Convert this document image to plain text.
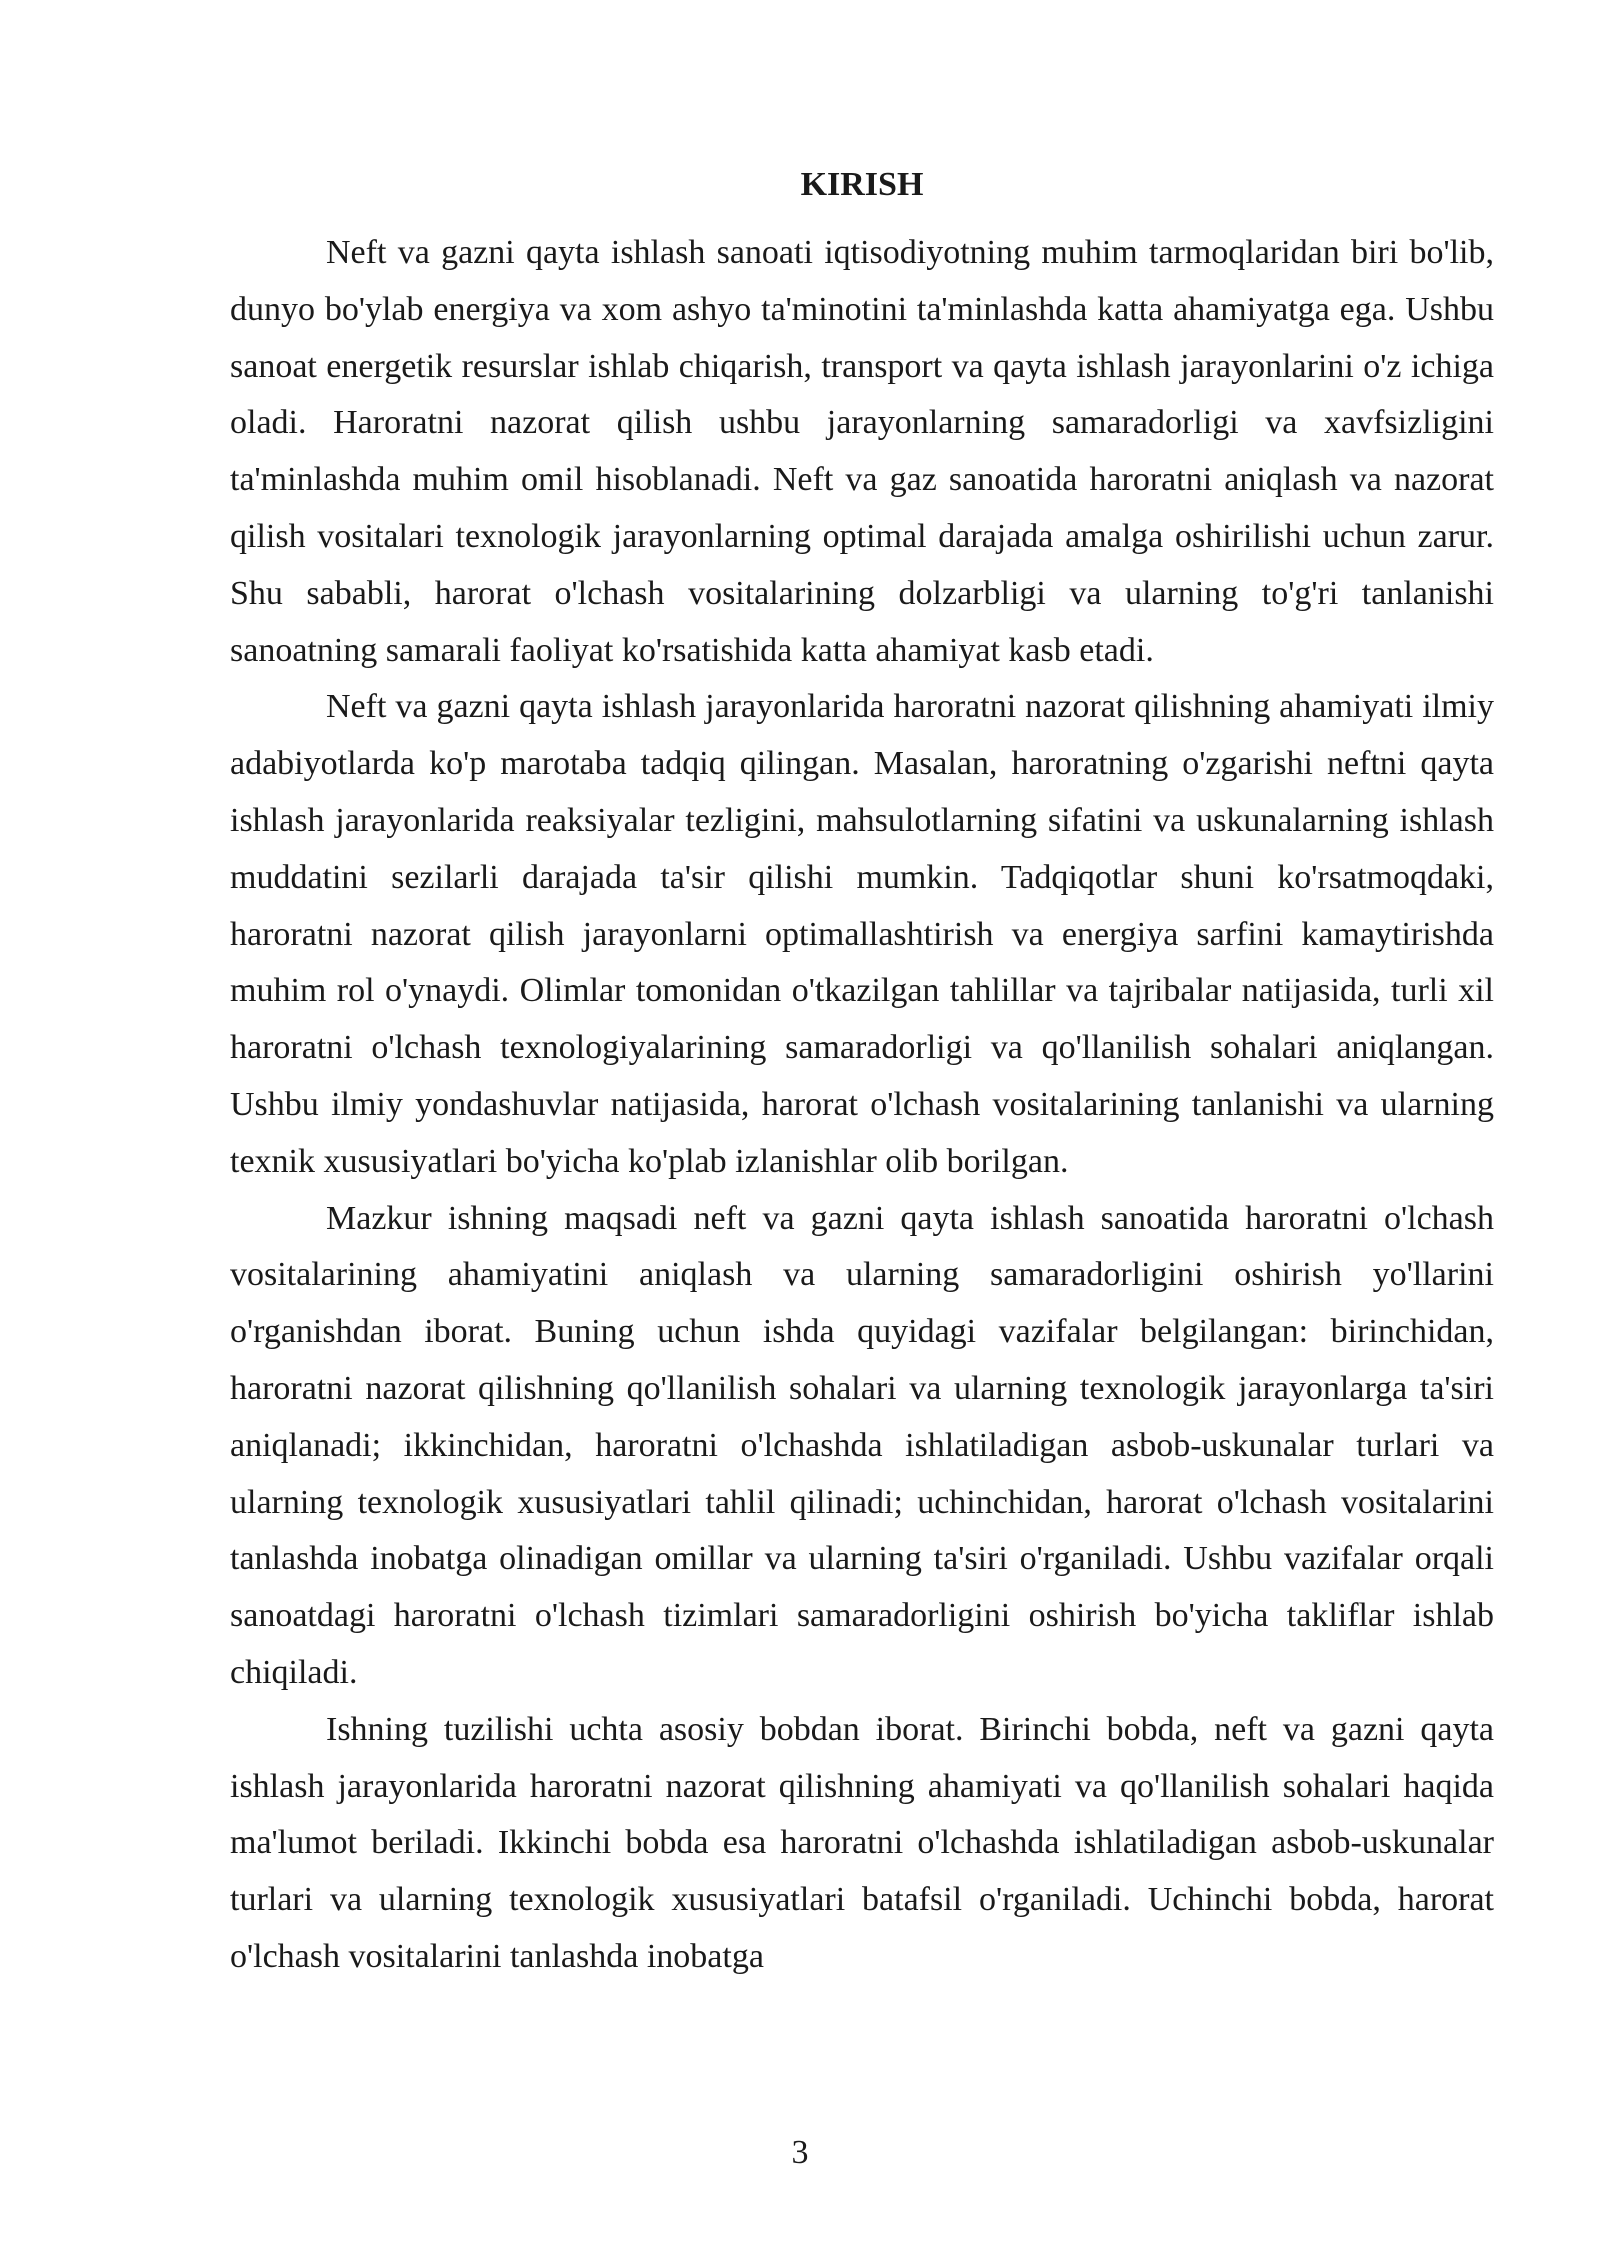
KIRISH

Neft va gazni qayta ishlash sanoati iqtisodiyotning muhim tarmoqlaridan biri bo'lib, dunyo bo'ylab energiya va xom ashyo ta'minotini ta'minlashda katta ahamiyatga ega. Ushbu sanoat energetik resurslar ishlab chiqarish, transport va qayta ishlash jarayonlarini o'z ichiga oladi. Haroratni nazorat qilish ushbu jarayonlarning samaradorligi va xavfsizligini ta'minlashda muhim omil hisoblanadi. Neft va gaz sanoatida haroratni aniqlash va nazorat qilish vositalari texnologik jarayonlarning optimal darajada amalga oshirilishi uchun zarur. Shu sababli, harorat o'lchash vositalarining dolzarbligi va ularning to'g'ri tanlanishi sanoatning samarali faoliyat ko'rsatishida katta ahamiyat kasb etadi.

Neft va gazni qayta ishlash jarayonlarida haroratni nazorat qilishning ahamiyati ilmiy adabiyotlarda ko'p marotaba tadqiq qilingan. Masalan, haroratning o'zgarishi neftni qayta ishlash jarayonlarida reaksiyalar tezligini, mahsulotlarning sifatini va uskunalarning ishlash muddatini sezilarli darajada ta'sir qilishi mumkin. Tadqiqotlar shuni ko'rsatmoqdaki, haroratni nazorat qilish jarayonlarni optimallashtirish va energiya sarfini kamaytirishda muhim rol o'ynaydi. Olimlar tomonidan o'tkazilgan tahlillar va tajribalar natijasida, turli xil haroratni o'lchash texnologiyalarining samaradorligi va qo'llanilish sohalari aniqlangan. Ushbu ilmiy yondashuvlar natijasida, harorat o'lchash vositalarining tanlanishi va ularning texnik xususiyatlari bo'yicha ko'plab izlanishlar olib borilgan.

Mazkur ishning maqsadi neft va gazni qayta ishlash sanoatida haroratni o'lchash vositalarining ahamiyatini aniqlash va ularning samaradorligini oshirish yo'llarini o'rganishdan iborat. Buning uchun ishda quyidagi vazifalar belgilangan: birinchidan, haroratni nazorat qilishning qo'llanilish sohalari va ularning texnologik jarayonlarga ta'siri aniqlanadi; ikkinchidan, haroratni o'lchashda ishlatiladigan asbob-uskunalar turlari va ularning texnologik xususiyatlari tahlil qilinadi; uchinchidan, harorat o'lchash vositalarini tanlashda inobatga olinadigan omillar va ularning ta'siri o'rganiladi. Ushbu vazifalar orqali sanoatdagi haroratni o'lchash tizimlari samaradorligini oshirish bo'yicha takliflar ishlab chiqiladi.

Ishning tuzilishi uchta asosiy bobdan iborat. Birinchi bobda, neft va gazni qayta ishlash jarayonlarida haroratni nazorat qilishning ahamiyati va qo'llanilish sohalari haqida ma'lumot beriladi. Ikkinchi bobda esa haroratni o'lchashda ishlatiladigan asbob-uskunalar turlari va ularning texnologik xususiyatlari batafsil o'rganiladi. Uchinchi bobda, harorat o'lchash vositalarini tanlashda inobatga

3
